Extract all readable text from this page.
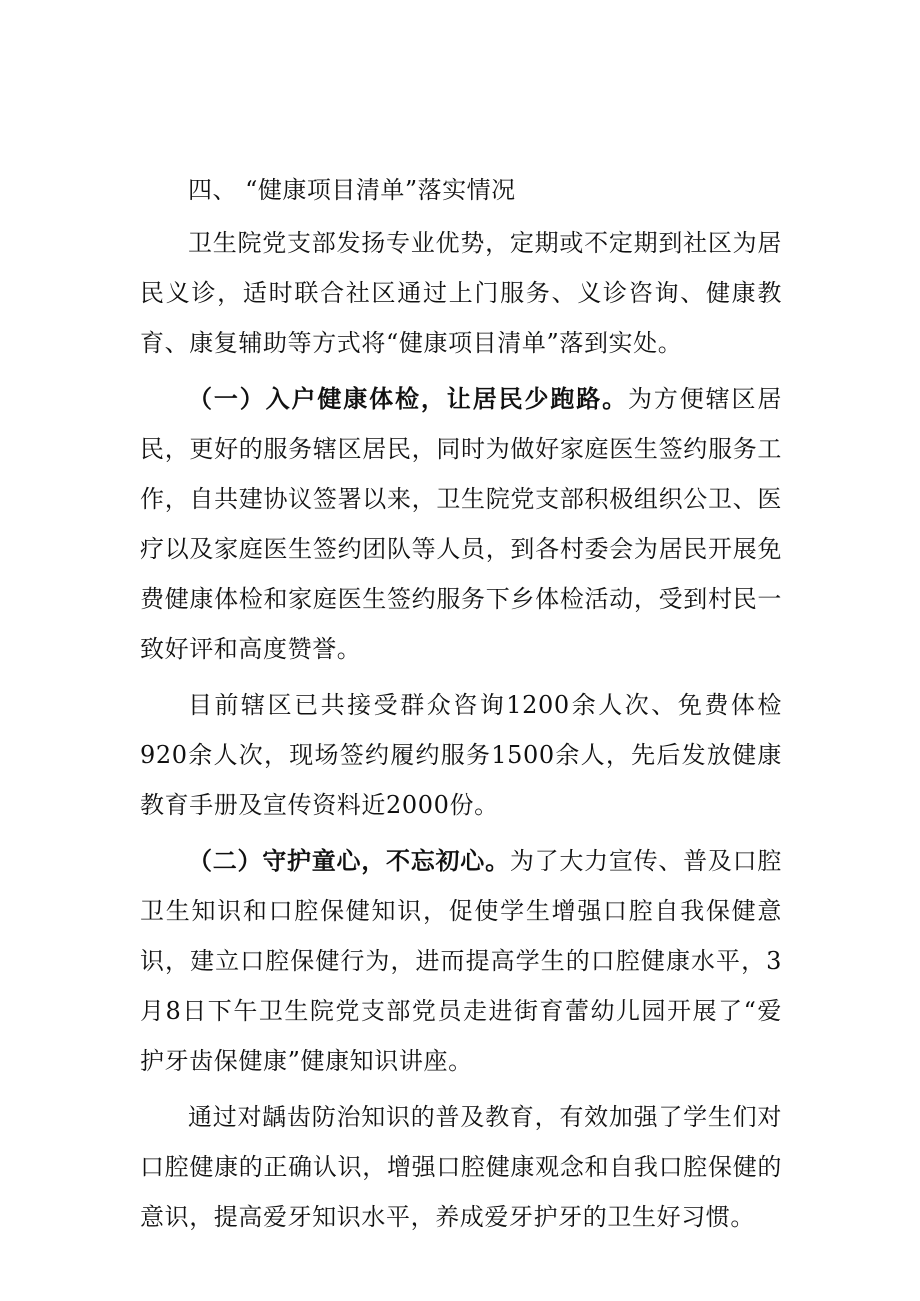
四、 “健康项目清单”落实情况

卫生院党支部发扬专业优势，定期或不定期到社区为居民义诊，适时联合社区通过上门服务、义诊咨询、健康教育、康复辅助等方式将“健康项目清单”落到实处。

（一）入户健康体检，让居民少跑路。为方便辖区居民，更好的服务辖区居民，同时为做好家庭医生签约服务工作，自共建协议签署以来，卫生院党支部积极组织公卫、医疗以及家庭医生签约团队等人员，到各村委会为居民开展免费健康体检和家庭医生签约服务下乡体检活动，受到村民一致好评和高度赞誉。

目前辖区已共接受群众咨询1200余人次、免费体检920余人次，现场签约履约服务1500余人，先后发放健康教育手册及宣传资料近2000份。

（二）守护童心，不忘初心。为了大力宣传、普及口腔卫生知识和口腔保健知识，促使学生增强口腔自我保健意识，建立口腔保健行为，进而提高学生的口腔健康水平，3月8日下午卫生院党支部党员走进街育蕾幼儿园开展了“爱护牙齿保健康”健康知识讲座。

通过对龋齿防治知识的普及教育，有效加强了学生们对口腔健康的正确认识，增强口腔健康观念和自我口腔保健的意识，提高爱牙知识水平，养成爱牙护牙的卫生好习惯。
